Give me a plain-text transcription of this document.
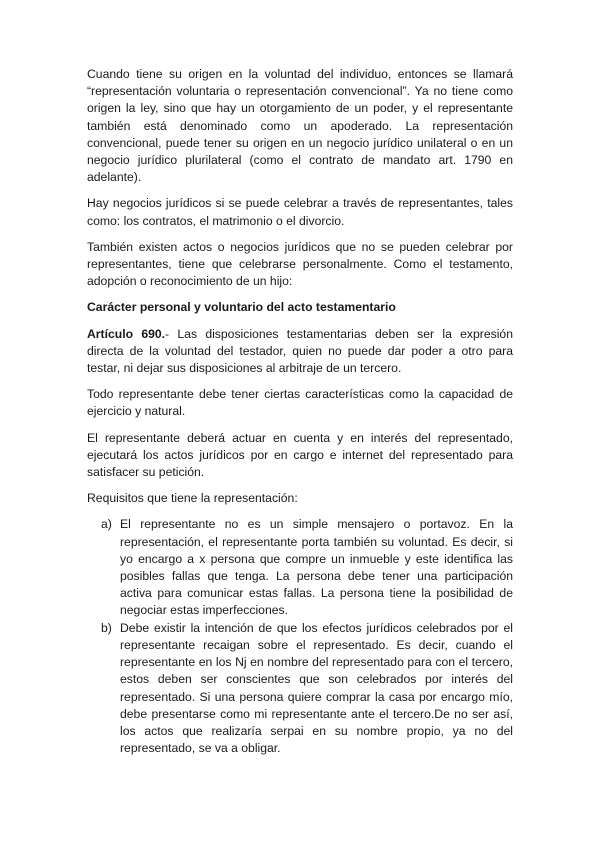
Cuando tiene su origen en la voluntad del individuo, entonces se llamará “representación voluntaria o representación convencional”. Ya no tiene como origen la ley, sino que hay un otorgamiento de un poder, y el representante también está denominado como un apoderado. La representación convencional, puede tener su origen en un negocio jurídico unilateral o en un negocio jurídico plurilateral (como el contrato de mandato art. 1790 en adelante).

Hay negocios jurídicos si se puede celebrar a través de representantes, tales como: los contratos, el matrimonio o el divorcio.

También existen actos o negocios jurídicos que no se pueden celebrar por representantes, tiene que celebrarse personalmente. Como el testamento, adopción o reconocimiento de un hijo:

Carácter personal y voluntario del acto testamentario

Artículo 690.- Las disposiciones testamentarias deben ser la expresión directa de la voluntad del testador, quien no puede dar poder a otro para testar, ni dejar sus disposiciones al arbitraje de un tercero.

Todo representante debe tener ciertas características como la capacidad de ejercicio y natural.

El representante deberá actuar en cuenta y en interés del representado, ejecutará los actos jurídicos por en cargo e internet del representado para satisfacer su petición.

Requisitos que tiene la representación:

a) El representante no es un simple mensajero o portavoz. En la representación, el representante porta también su voluntad. Es decir, si yo encargo a x persona que compre un inmueble y este identifica las posibles fallas que tenga. La persona debe tener una participación activa para comunicar estas fallas. La persona tiene la posibilidad de negociar estas imperfecciones.
b) Debe existir la intención de que los efectos jurídicos celebrados por el representante recaigan sobre el representado. Es decir, cuando el representante en los Nj en nombre del representado para con el tercero, estos deben ser conscientes que son celebrados por interés del representado. Si una persona quiere comprar la casa por encargo mío, debe presentarse como mi representante ante el tercero.De no ser así, los actos que realizaría serpai en su nombre propio, ya no del representado, se va a obligar.
